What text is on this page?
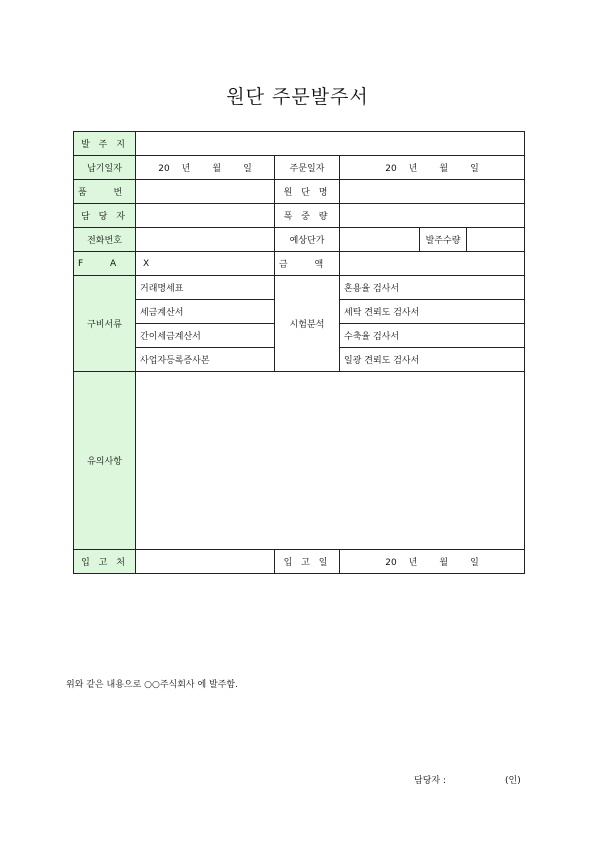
원단 주문발주서
발 주 지					
납기일자	20 년 월 일	주문일자	20 년 월 일		
품 번		원 단 명			
담 당 자		폭 중 량			
전화번호		예상단가		발주수량	
F A X		금 액			
구비서류	거래명세표	시험분석	혼용율 검사서		
	세금계산서		세탁 견뢰도 검사서		
	간이세금계산서		수축율 검사서		
	사업자등록증사본		일광 견뢰도 검사서		
유의사항					
입 고 처		입 고 일	20 년 월 일		
위와 같은 내용으로 ○○주식회사 에 발주함.
담당자 :	(인)
